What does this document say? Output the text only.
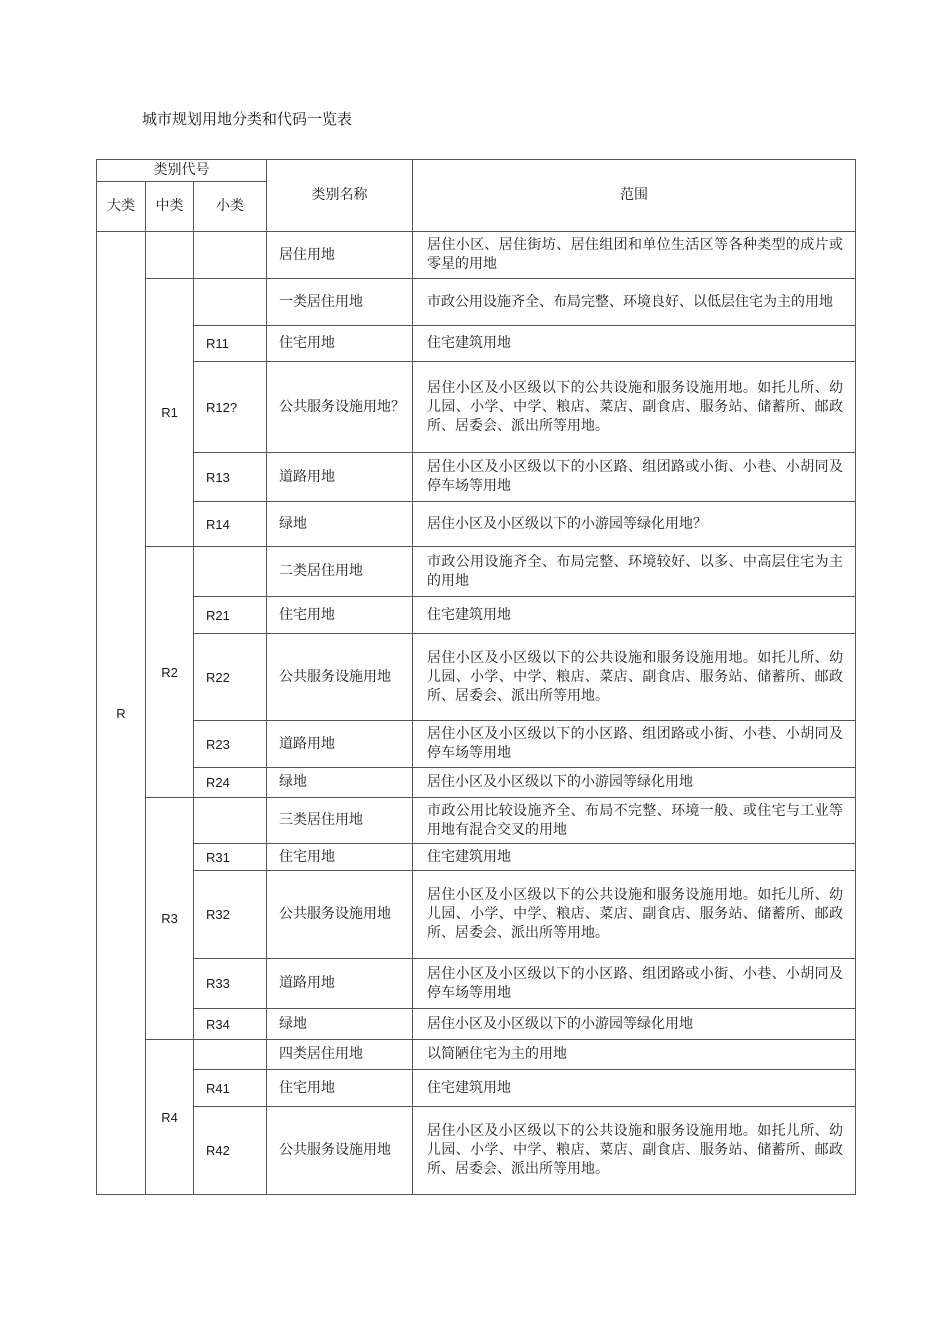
城市规划用地分类和代码一览表
类别代号			类别名称	范围
大类	中类	小类		
R			居住用地	居住小区、居住街坊、居住组团和单位生活区等各种类型的成片或零星的用地
	R1		一类居住用地	市政公用设施齐全、布局完整、环境良好、以低层住宅为主的用地
		R11	住宅用地	住宅建筑用地
		R12?	公共服务设施用地？	居住小区及小区级以下的公共设施和服务设施用地。如托儿所、幼儿园、小学、中学、粮店、菜店、副食店、服务站、储蓄所、邮政所、居委会、派出所等用地。
		R13	道路用地	居住小区及小区级以下的小区路、组团路或小街、小巷、小胡同及停车场等用地
		R14	绿地	居住小区及小区级以下的小游园等绿化用地？
	R2		二类居住用地	市政公用设施齐全、布局完整、环境较好、以多、中高层住宅为主的用地
		R21	住宅用地	住宅建筑用地
		R22	公共服务设施用地	居住小区及小区级以下的公共设施和服务设施用地。如托儿所、幼儿园、小学、中学、粮店、菜店、副食店、服务站、储蓄所、邮政所、居委会、派出所等用地。
		R23	道路用地	居住小区及小区级以下的小区路、组团路或小街、小巷、小胡同及停车场等用地
		R24	绿地	居住小区及小区级以下的小游园等绿化用地
	R3		三类居住用地	市政公用比较设施齐全、布局不完整、环境一般、或住宅与工业等用地有混合交叉的用地
		R31	住宅用地	住宅建筑用地
		R32	公共服务设施用地	居住小区及小区级以下的公共设施和服务设施用地。如托儿所、幼儿园、小学、中学、粮店、菜店、副食店、服务站、储蓄所、邮政所、居委会、派出所等用地。
		R33	道路用地	居住小区及小区级以下的小区路、组团路或小街、小巷、小胡同及停车场等用地
		R34	绿地	居住小区及小区级以下的小游园等绿化用地
	R4		四类居住用地	以简陋住宅为主的用地
		R41	住宅用地	住宅建筑用地
		R42	公共服务设施用地	居住小区及小区级以下的公共设施和服务设施用地。如托儿所、幼儿园、小学、中学、粮店、菜店、副食店、服务站、储蓄所、邮政所、居委会、派出所等用地。
